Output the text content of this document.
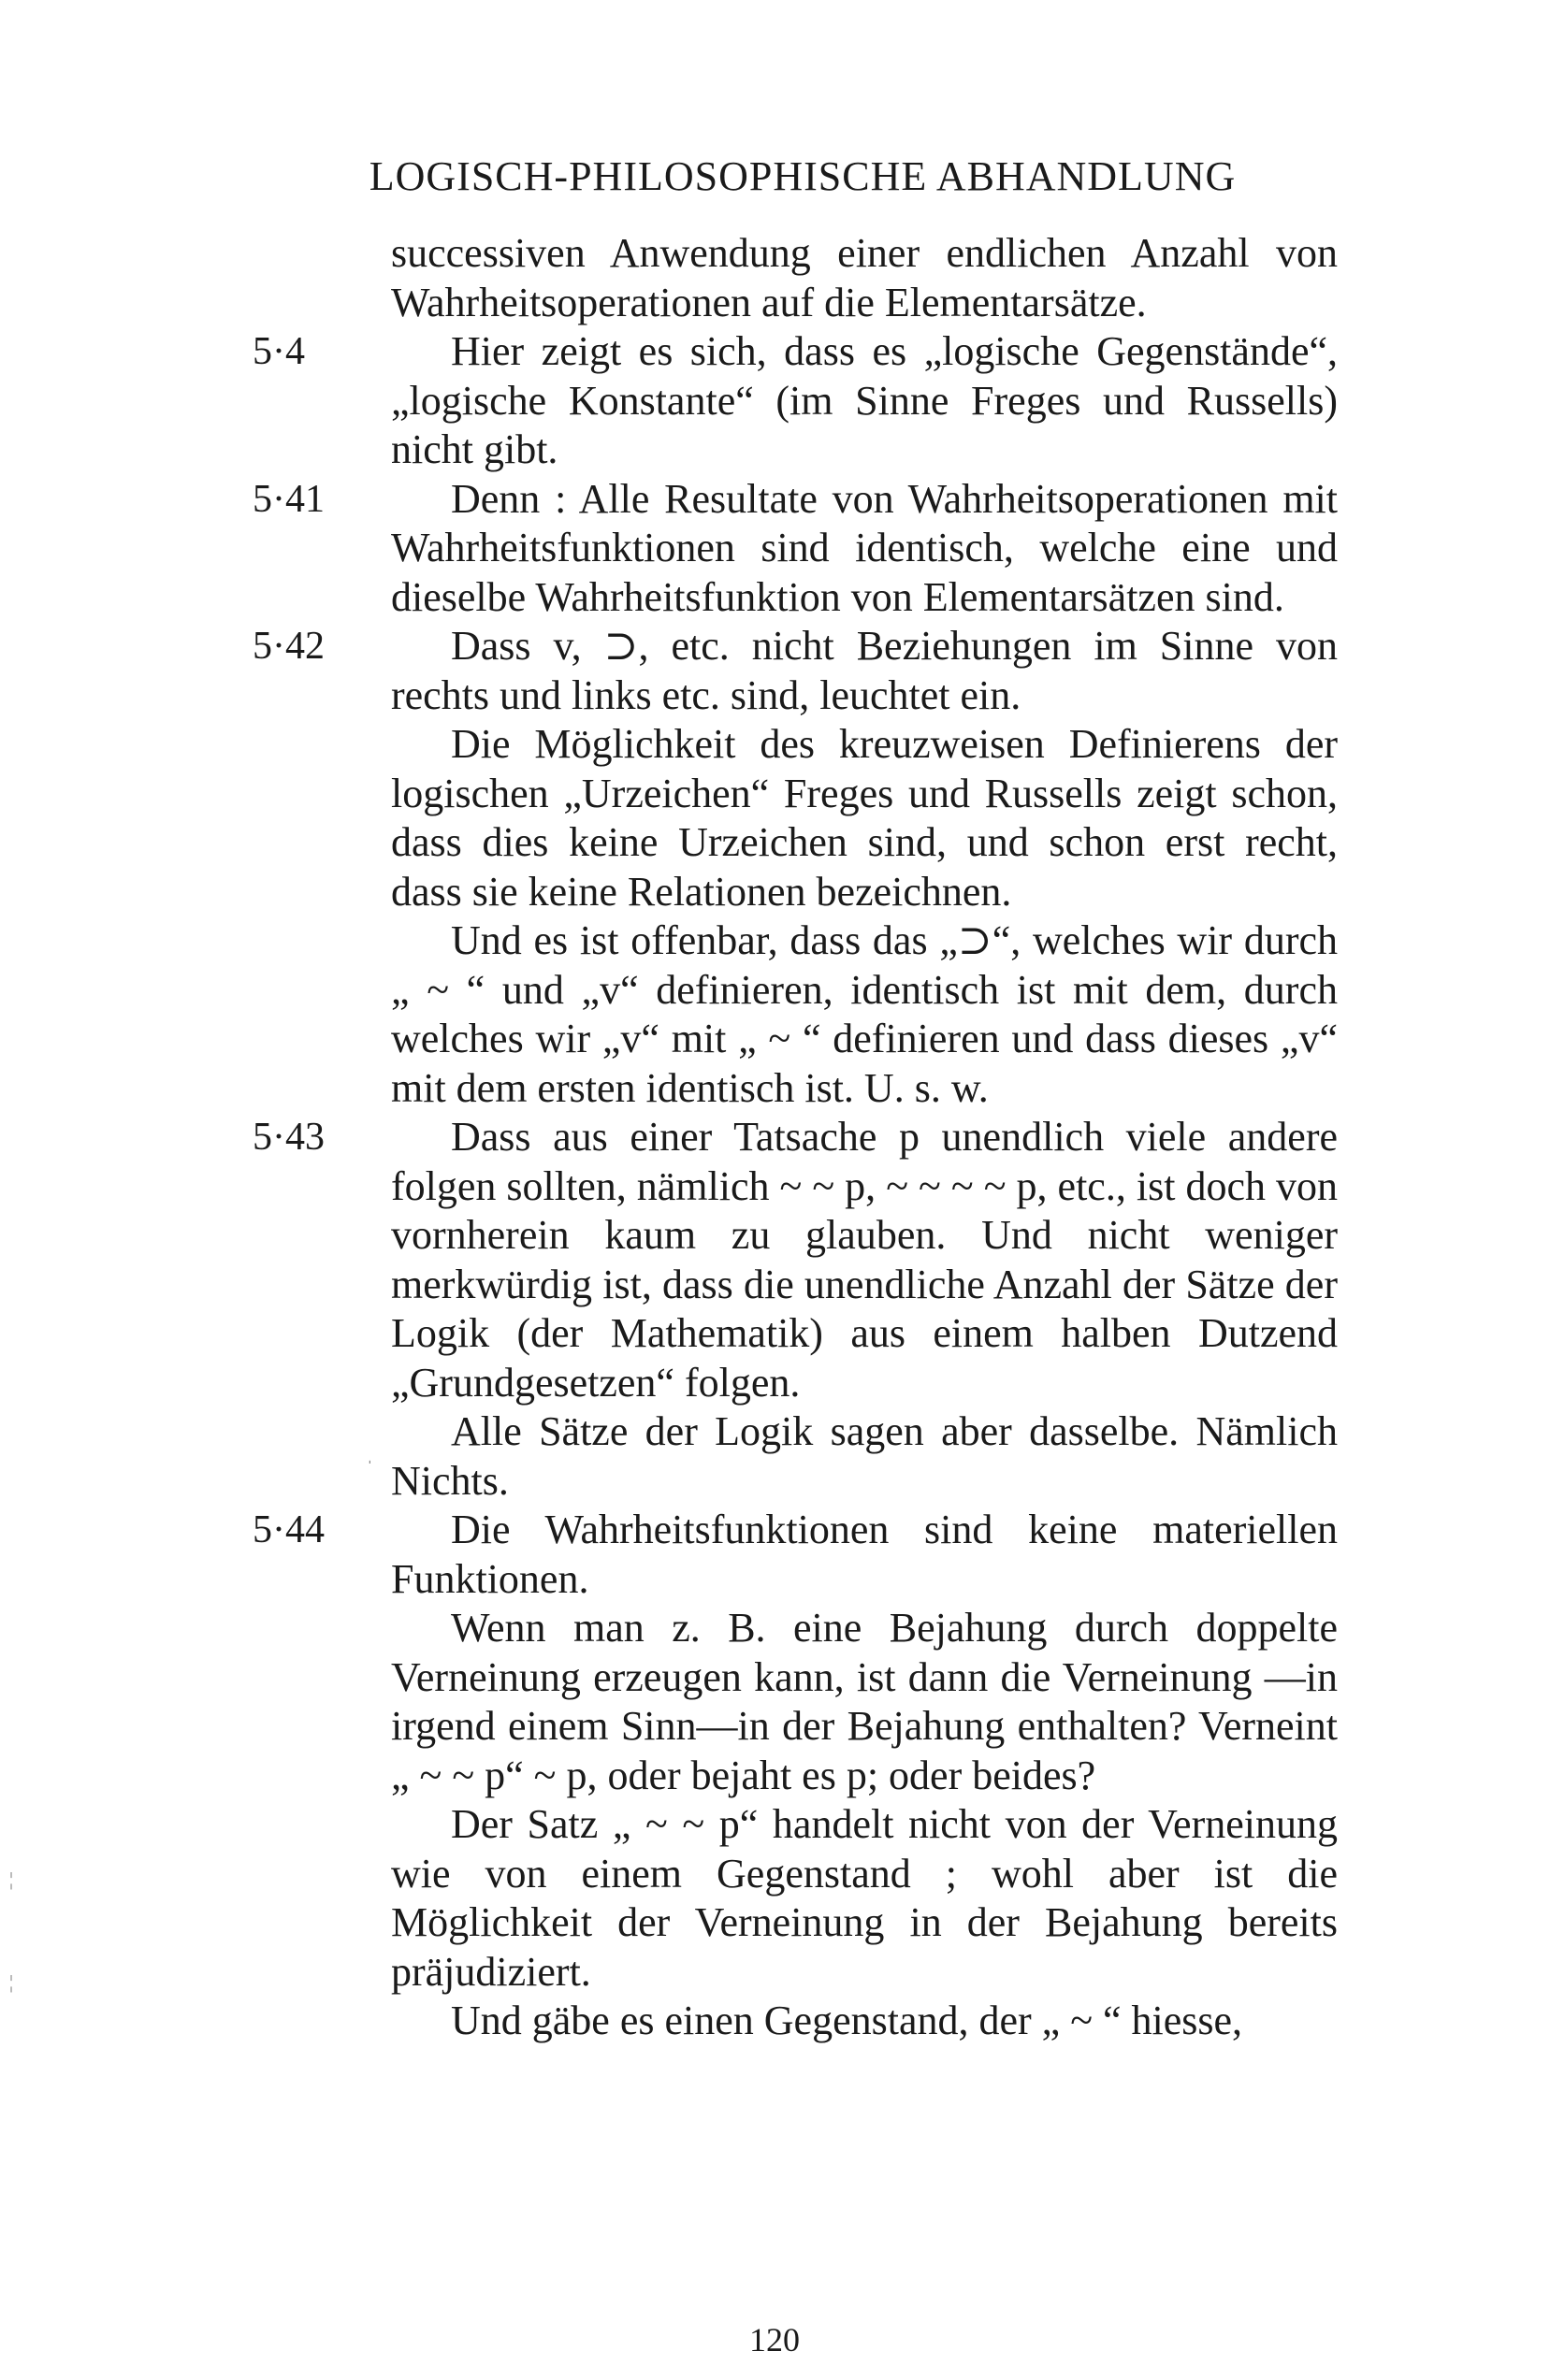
LOGISCH-PHILOSOPHISCHE ABHANDLUNG

successiven Anwendung einer endlichen Anzahl von Wahrheitsoperationen auf die Elementarsätze.

5·4	Hier zeigt es sich, dass es „logische Gegenstände“, „logische Konstante“ (im Sinne Freges und Russells) nicht gibt.

5·41	Denn : Alle Resultate von Wahrheitsoperationen mit Wahrheitsfunktionen sind identisch, welche eine und dieselbe Wahrheitsfunktion von Elementarsätzen sind.

5·42	Dass v, ⊃, etc. nicht Beziehungen im Sinne von rechts und links etc. sind, leuchtet ein.

Die Möglichkeit des kreuzweisen Definierens der logischen „Urzeichen“ Freges und Russells zeigt schon, dass dies keine Urzeichen sind, und schon erst recht, dass sie keine Relationen bezeichnen.

Und es ist offenbar, dass das „⊃“, welches wir durch „ ~ “ und „v“ definieren, identisch ist mit dem, durch welches wir „v“ mit „ ~ “ definieren und dass dieses „v“ mit dem ersten identisch ist. U. s. w.

5·43	Dass aus einer Tatsache p unendlich viele andere folgen sollten, nämlich ~ ~ p, ~ ~ ~ ~ p, etc., ist doch von vornherein kaum zu glauben. Und nicht weniger merkwürdig ist, dass die unendliche Anzahl der Sätze der Logik (der Mathematik) aus einem halben Dutzend „Grundgesetzen“ folgen.

Alle Sätze der Logik sagen aber dasselbe. Nämlich Nichts.

5·44	Die Wahrheitsfunktionen sind keine materiellen Funktionen.

Wenn man z. B. eine Bejahung durch doppelte Verneinung erzeugen kann, ist dann die Verneinung —in irgend einem Sinn—in der Bejahung enthalten? Verneint „ ~ ~ p“ ~ p, oder bejaht es p; oder beides?

Der Satz „ ~ ~ p“ handelt nicht von der Verneinung wie von einem Gegenstand ; wohl aber ist die Möglichkeit der Verneinung in der Bejahung bereits präjudiziert.

Und gäbe es einen Gegenstand, der „ ~ “ hiesse,

ˈ
¦
¦
120
